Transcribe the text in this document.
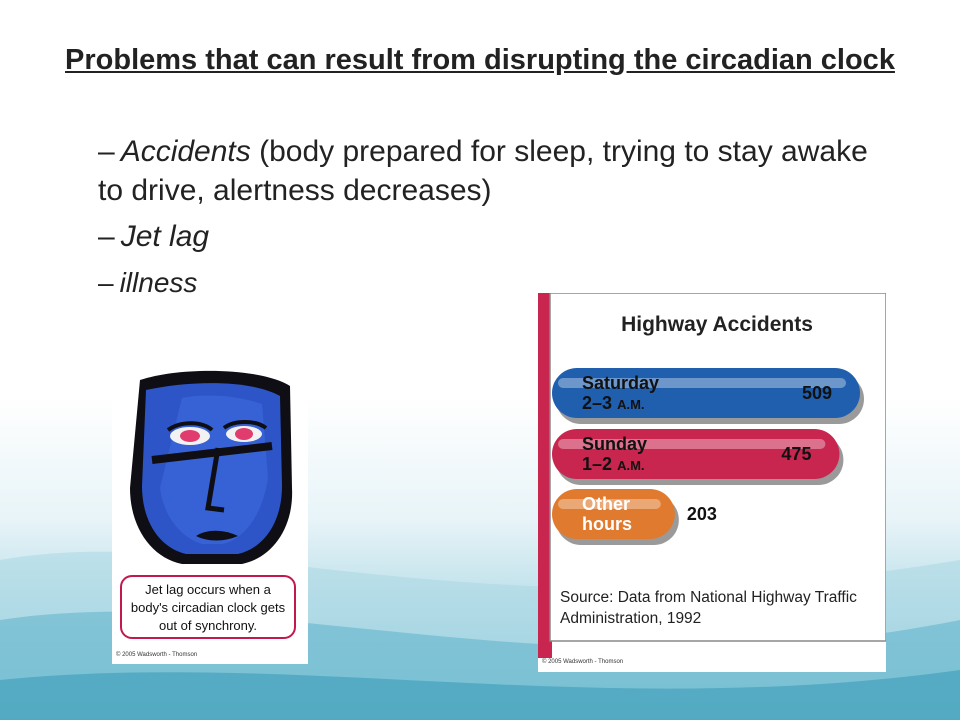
Problems that can result from disrupting the circadian clock
– Accidents (body prepared for sleep, trying to stay awake to drive, alertness decreases)
– Jet lag
– illness
Jet lag occurs when a body's circadian clock gets out of synchrony.
© 2005 Wadsworth - Thomson
Highway Accidents
Saturday
2–3 A.M.
Sunday
1–2 A.M.
Other
hours
509
475
203
Source: Data from National Highway Traffic Administration, 1992
© 2005 Wadsworth - Thomson
